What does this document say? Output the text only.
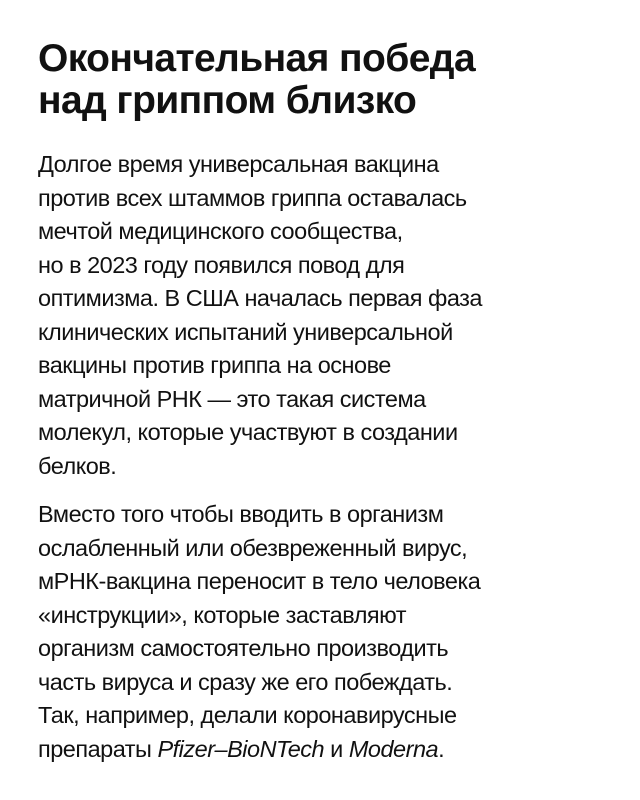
Окончательная победа
над гриппом близко

Долгое время универсальная вакцина
против всех штаммов гриппа оставалась
мечтой медицинского сообщества,
но в 2023 году появился повод для
оптимизма. В США началась первая фаза
клинических испытаний универсальной
вакцины против гриппа на основе
матричной РНК — это такая система
молекул, которые участвуют в создании
белков.

Вместо того чтобы вводить в организм
ослабленный или обезвреженный вирус,
мРНК-вакцина переносит в тело человека
«инструкции», которые заставляют
организм самостоятельно производить
часть вируса и сразу же его побеждать.
Так, например, делали коронавирусные
препараты Pfizer–BioNTech и Moderna.
